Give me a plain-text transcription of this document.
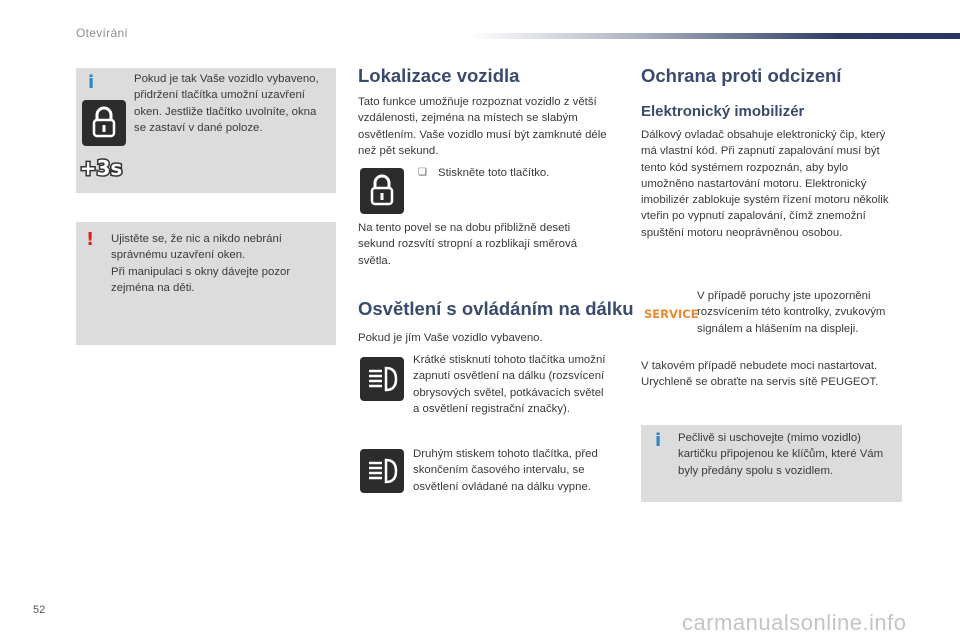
Otevírání
i
+3s
Pokud je tak Vaše vozidlo vybaveno, přidržení tlačítka umožní uzavření oken. Jestliže tlačítko uvolníte, okna se zastaví v dané poloze.
! Ujistěte se, že nic a nikdo nebrání správnému uzavření oken.
Při manipulaci s okny dávejte pozor zejména na děti.
Lokalizace vozidla
Tato funkce umožňuje rozpoznat vozidlo z větší vzdálenosti, zejména na místech se slabým osvětlením. Vaše vozidlo musí být zamknuté déle než pět sekund.
❏ Stiskněte toto tlačítko.
Na tento povel se na dobu přibližně deseti sekund rozsvítí stropní a rozblikají směrová světla.
Osvětlení s ovládáním na dálku
Pokud je jím Vaše vozidlo vybaveno.
Krátké stisknutí tohoto tlačítka umožní zapnutí osvětlení na dálku (rozsvícení obrysových světel, potkávacích světel a osvětlení registrační značky).
Druhým stiskem tohoto tlačítka, před skončením časového intervalu, se osvětlení ovládané na dálku vypne.
Ochrana proti odcizení
Elektronický imobilizér
Dálkový ovladač obsahuje elektronický čip, který má vlastní kód. Při zapnutí zapalování musí být tento kód systémem rozpoznán, aby bylo umožněno nastartování motoru. Elektronický imobilizér zablokuje systém řízení motoru několik vteřin po vypnutí zapalování, čímž znemožní spuštění motoru neoprávněnou osobou.
SERVICE
V případě poruchy jste upozorněni rozsvícením této kontrolky, zvukovým signálem a hlášením na displeji.
V takovém případě nebudete moci nastartovat. Urychleně se obraťte na servis sítě PEUGEOT.
i Pečlivě si uschovejte (mimo vozidlo) kartičku připojenou ke klíčům, které Vám byly předány spolu s vozidlem.
52	carmanualsonline.info
